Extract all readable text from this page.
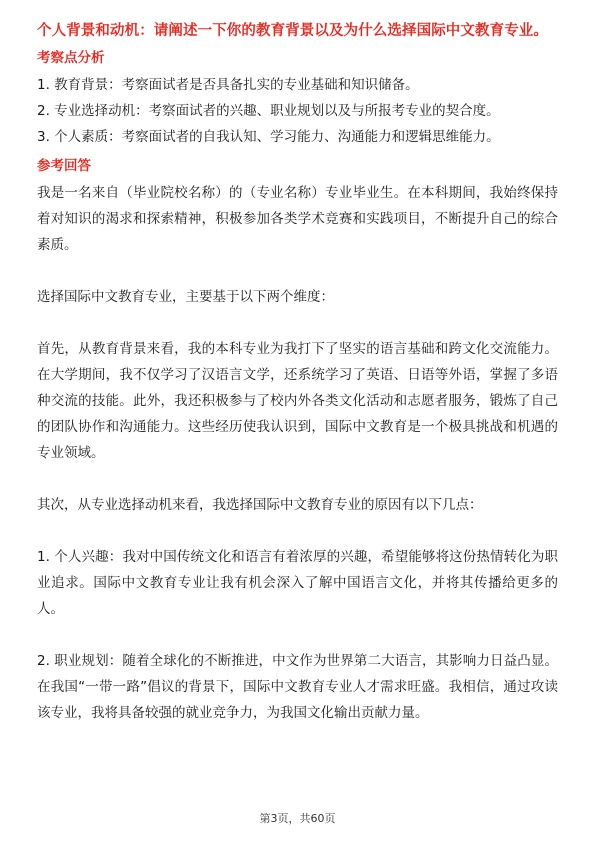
个人背景和动机：请阐述一下你的教育背景以及为什么选择国际中文教育专业。

考察点分析

1. 教育背景：考察面试者是否具备扎实的专业基础和知识储备。

2. 专业选择动机：考察面试者的兴趣、职业规划以及与所报考专业的契合度。

3. 个人素质：考察面试者的自我认知、学习能力、沟通能力和逻辑思维能力。

参考回答

我是一名来自（毕业院校名称）的（专业名称）专业毕业生。在本科期间，我始终保持着对知识的渴求和探索精神，积极参加各类学术竞赛和实践项目，不断提升自己的综合素质。

选择国际中文教育专业，主要基于以下两个维度：

首先，从教育背景来看，我的本科专业为我打下了坚实的语言基础和跨文化交流能力。在大学期间，我不仅学习了汉语言文学，还系统学习了英语、日语等外语，掌握了多语种交流的技能。此外，我还积极参与了校内外各类文化活动和志愿者服务，锻炼了自己的团队协作和沟通能力。这些经历使我认识到，国际中文教育是一个极具挑战和机遇的专业领域。

其次，从专业选择动机来看，我选择国际中文教育专业的原因有以下几点：

1. 个人兴趣：我对中国传统文化和语言有着浓厚的兴趣，希望能够将这份热情转化为职业追求。国际中文教育专业让我有机会深入了解中国语言文化，并将其传播给更多的人。

2. 职业规划：随着全球化的不断推进，中文作为世界第二大语言，其影响力日益凸显。在我国“一带一路”倡议的背景下，国际中文教育专业人才需求旺盛。我相信，通过攻读该专业，我将具备较强的就业竞争力，为我国文化输出贡献力量。

第3页，共60页
